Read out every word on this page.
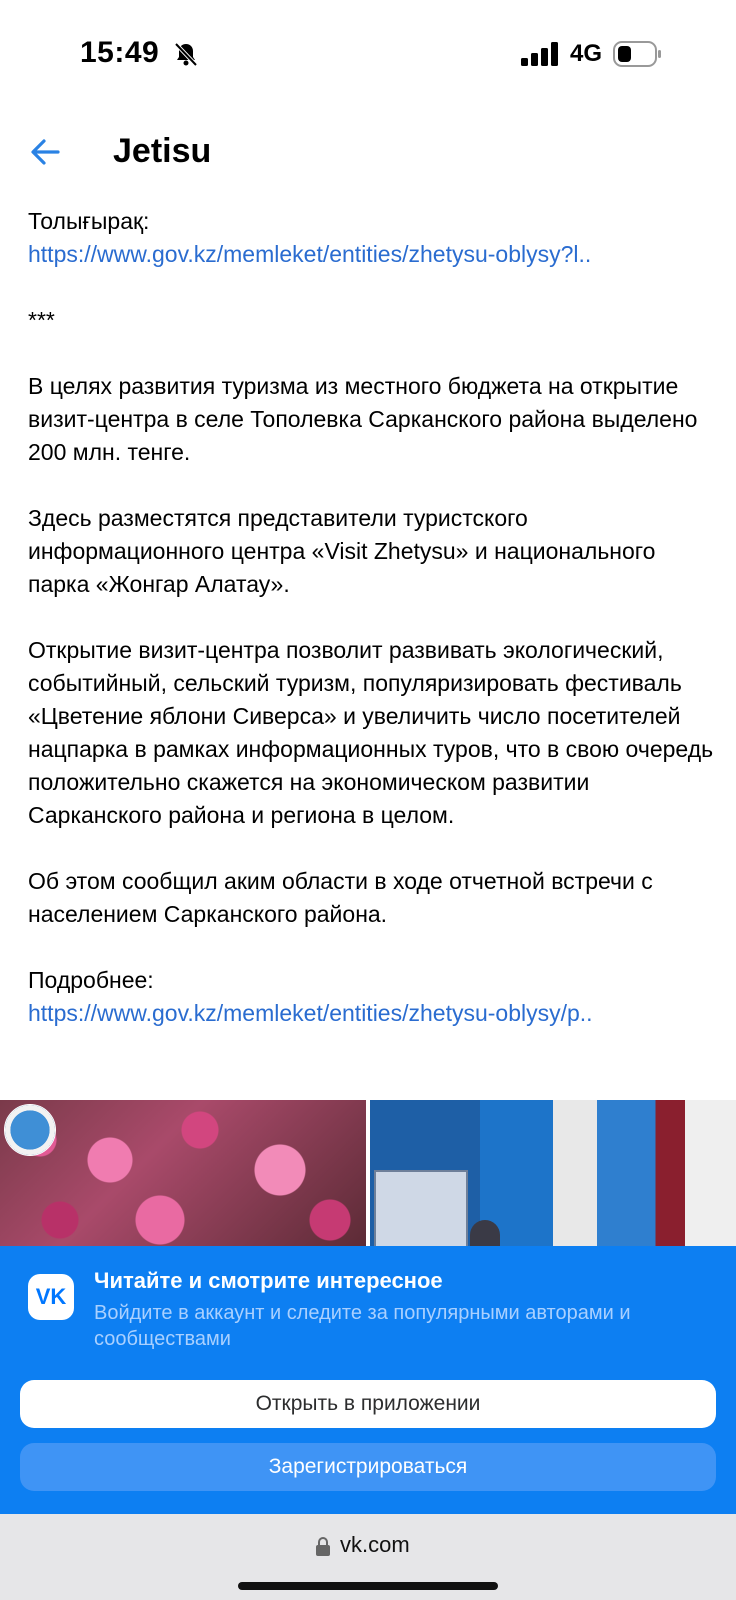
15:49	4G
Jetisu

Толығырақ:

https://www.gov.kz/memleket/entities/zhetysu-oblysy?l..

***

В целях развития туризма из местного бюджета на открытие визит-центра в селе Тополевка Сарканского района выделено 200 млн. тенге.

Здесь разместятся представители туристского информационного центра «Visit Zhetysu» и национального парка «Жонгар Алатау».

Открытие визит-центра позволит развивать экологический, событийный, сельский туризм, популяризировать фестиваль «Цветение яблони Сиверса» и увеличить число посетителей нацпарка в рамках информационных туров, что в свою очередь положительно скажется на экономическом развитии Сарканского района и региона в целом.

Об этом сообщил аким области в ходе отчетной встречи с населением Сарканского района.

Подробнее:

https://www.gov.kz/memleket/entities/zhetysu-oblysy/p..
VK
Читайте и смотрите интересное
Войдите в аккаунт и следите за популярными авторами и сообществами
Открыть в приложении
Зарегистрироваться
vk.com
